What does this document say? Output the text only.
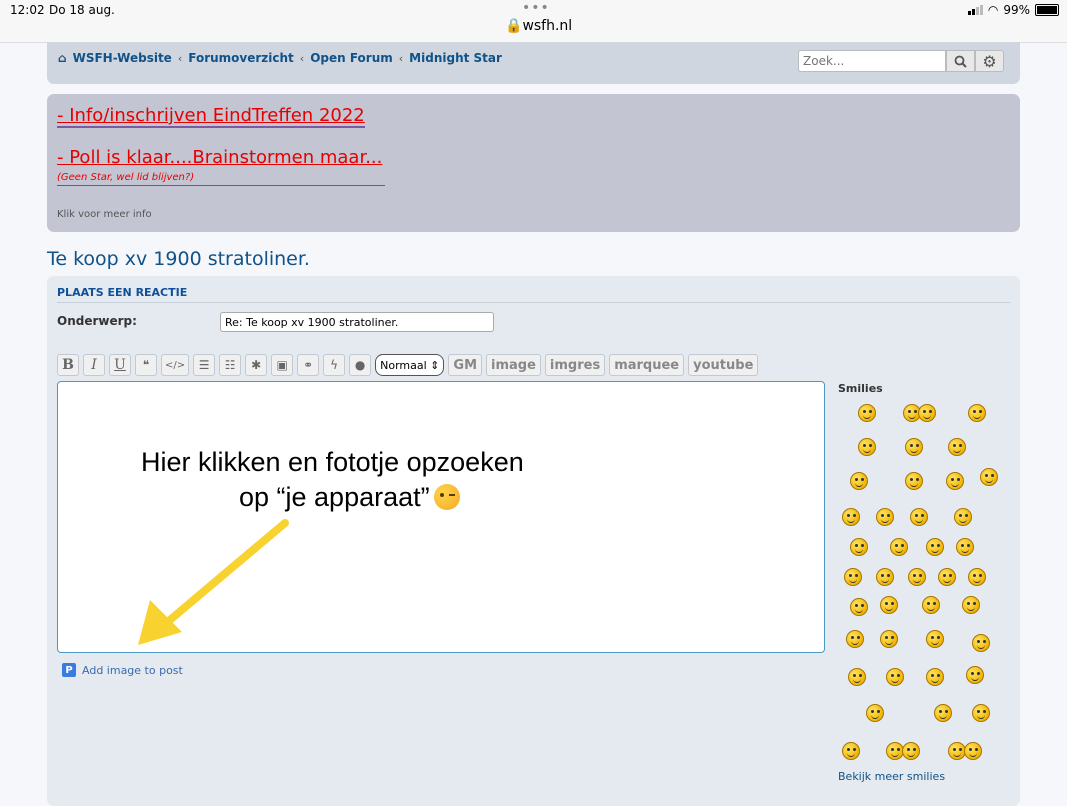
12:02 Do 18 aug.	•••
🔒wsfh.nl
◠ 99%
⌂ WSFH-Website ‹ Forumoverzicht ‹ Open Forum ‹ Midnight Star
Zoek...	⚙
- Info/inschrijven EindTreffen 2022
- Poll is klaar....Brainstormen maar...
(Geen Star, wel lid blijven?)
Klik voor meer info
Te koop xv 1900 stratoliner.
PLAATS EEN REACTIE
Onderwerp:
Re: Te koop xv 1900 stratoliner.
B	I	U	❝	</>	☰	☷	✱	▣	⚭	ϟ	●	Normaal
⇕	GM	image	imgres	marquee	youtube
P Add image to post
Smilies
Bekijk meer smilies
Hier klikken en fototje opzoeken
op “je apparaat”
